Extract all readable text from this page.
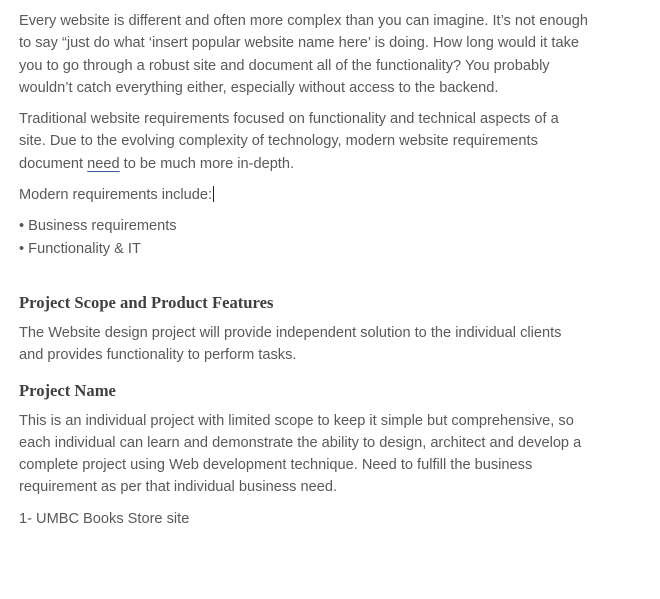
Every website is different and often more complex than you can imagine. It’s not enough to say “just do what ‘insert popular website name here’ is doing. How long would it take you to go through a robust site and document all of the functionality? You probably wouldn’t catch everything either, especially without access to the backend.

Traditional website requirements focused on functionality and technical aspects of a site. Due to the evolving complexity of technology, modern website requirements document need to be much more in-depth.

Modern requirements include:

• Business requirements
• Functionality & IT
Project Scope and Product Features

The Website design project will provide independent solution to the individual clients and provides functionality to perform tasks.

Project Name

This is an individual project with limited scope to keep it simple but comprehensive, so each individual can learn and demonstrate the ability to design, architect and develop a complete project using Web development technique. Need to fulfill the business requirement as per that individual business need.

1- UMBC Books Store site
